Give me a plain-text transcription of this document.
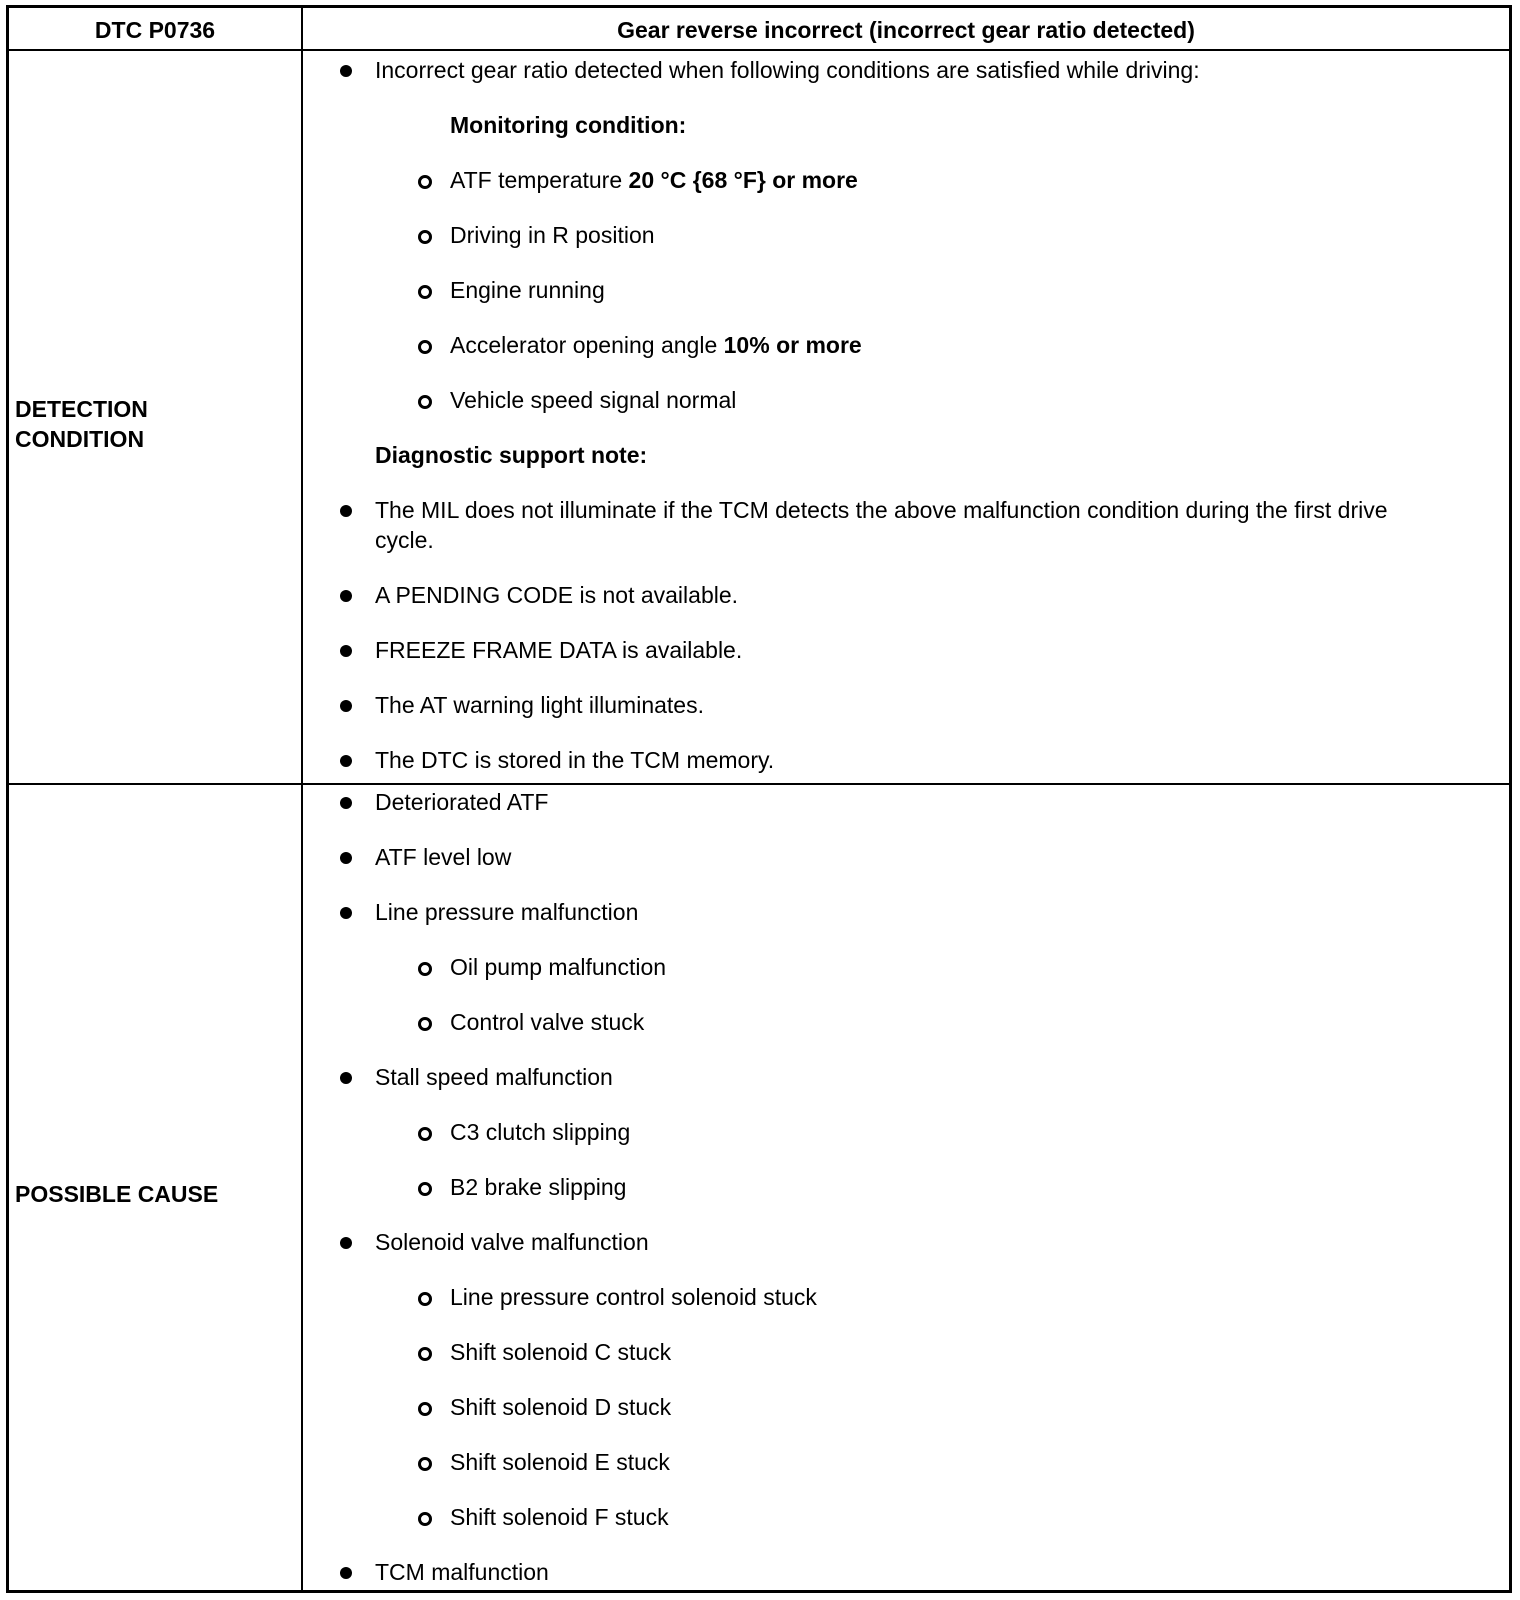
DTC P0736	Gear reverse incorrect (incorrect gear ratio detected)
DETECTION
CONDITION
POSSIBLE CAUSE
Incorrect gear ratio detected when following conditions are satisfied while driving:
Monitoring condition:
ATF temperature 20 °C {68 °F} or more
Driving in R position
Engine running
Accelerator opening angle 10% or more
Vehicle speed signal normal
Diagnostic support note:
The MIL does not illuminate if the TCM detects the above malfunction condition during the first drive cycle.
A PENDING CODE is not available.
FREEZE FRAME DATA is available.
The AT warning light illuminates.
The DTC is stored in the TCM memory.
Deteriorated ATF
ATF level low
Line pressure malfunction
Oil pump malfunction
Control valve stuck
Stall speed malfunction
C3 clutch slipping
B2 brake slipping
Solenoid valve malfunction
Line pressure control solenoid stuck
Shift solenoid C stuck
Shift solenoid D stuck
Shift solenoid E stuck
Shift solenoid F stuck
TCM malfunction
